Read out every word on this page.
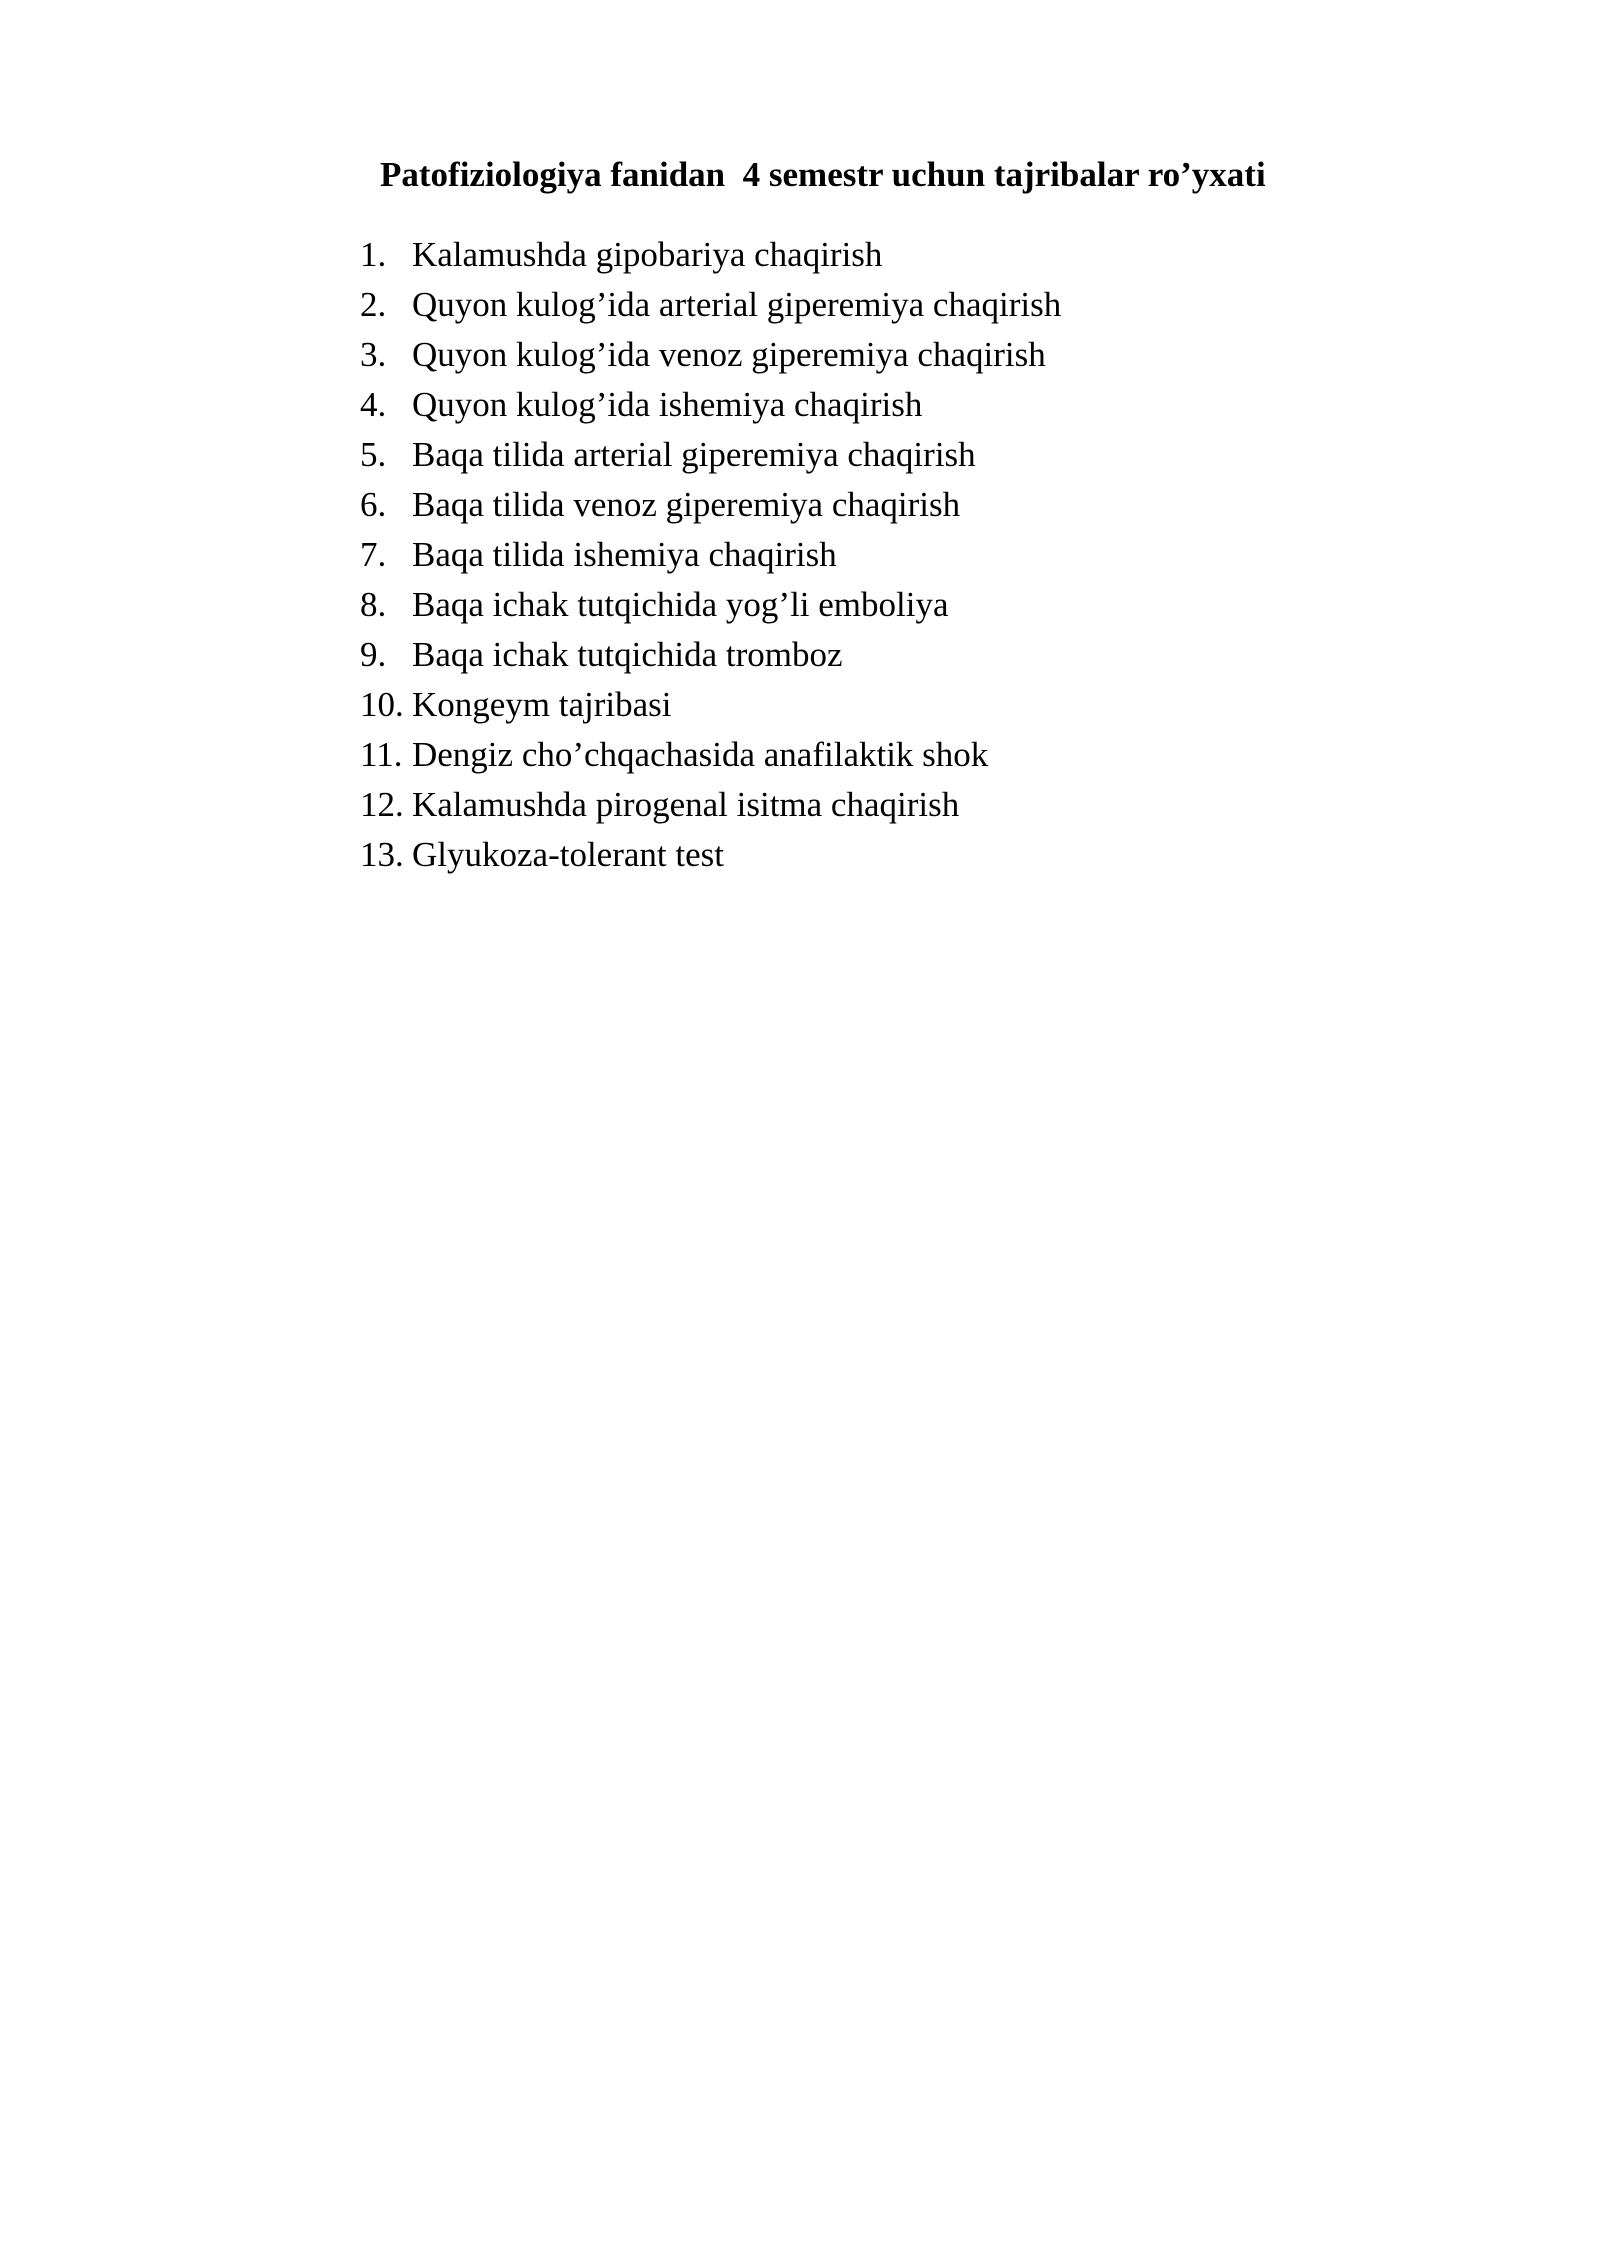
Patofiziologiya fanidan  4 semestr uchun tajribalar ro’yxati
1. Kalamushda gipobariya chaqirish
2. Quyon kulog’ida arterial giperemiya chaqirish
3. Quyon kulog’ida venoz giperemiya chaqirish
4. Quyon kulog’ida ishemiya chaqirish
5. Baqa tilida arterial giperemiya chaqirish
6. Baqa tilida venoz giperemiya chaqirish
7. Baqa tilida ishemiya chaqirish
8. Baqa ichak tutqichida yog’li emboliya
9. Baqa ichak tutqichida tromboz
10. Kongeym tajribasi
11. Dengiz cho’chqachasida anafilaktik shok
12. Kalamushda pirogenal isitma chaqirish
13. Glyukoza-tolerant test
